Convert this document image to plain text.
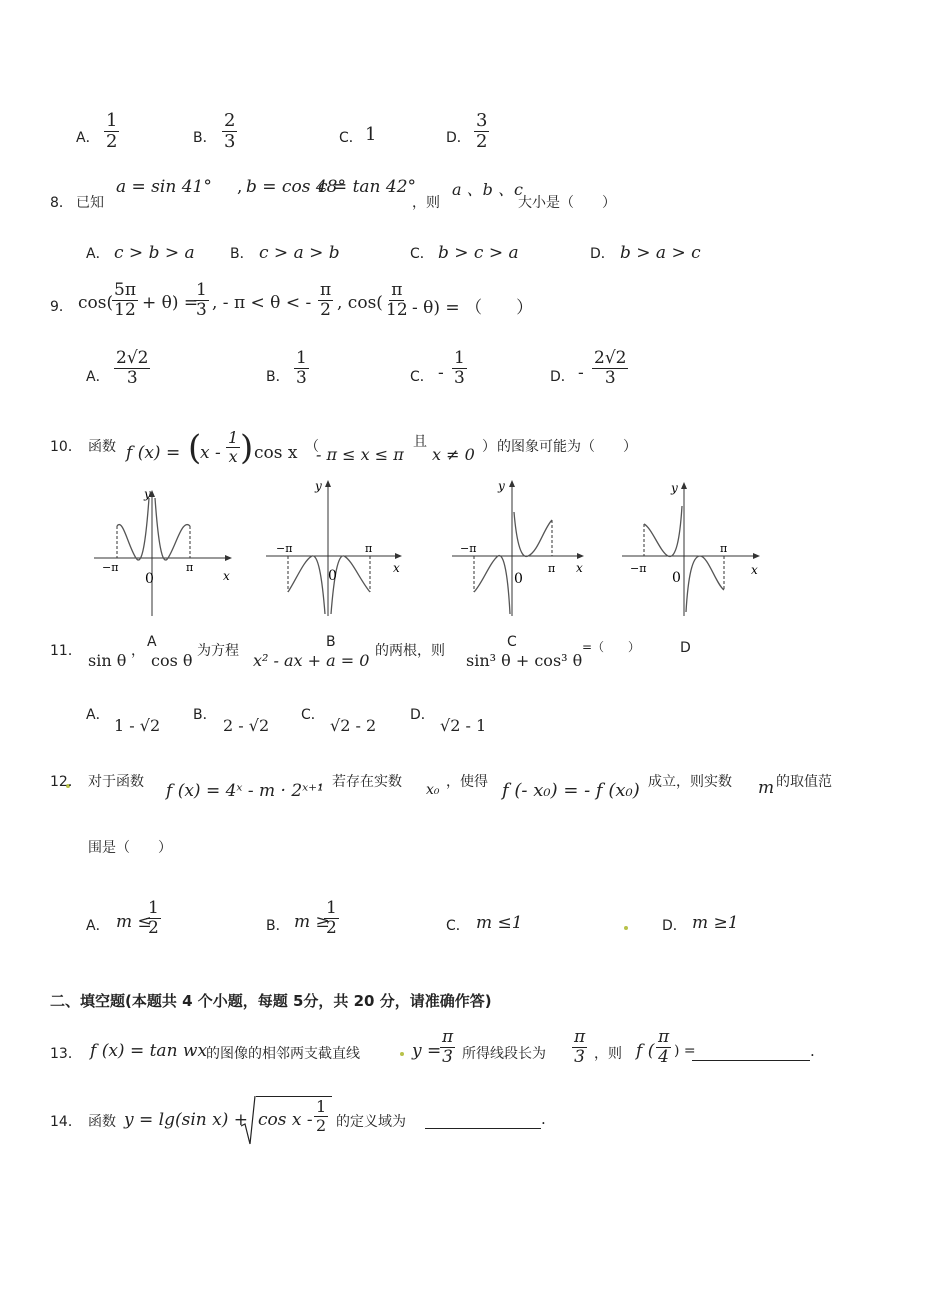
A． $\frac{1}{2}$	B． $\frac{2}{3}$	C． 1	D． $\frac{3}{2}$
8． 已知
a = sin 41° , b = cos 48°
c = tan 42°
，则
a 、b 、c
大小是（　　）
A． c > b > a	B． c > a > b	C． b > c > a	D． b > a > c
9． cos(
$\frac{5\pi}{12} + \theta$) =
$\frac{1}{3}$ , - π < θ < - $\frac{\pi}{2}$ , $\cos( \frac{\pi}{12} - \theta)$ = （　　）
A． $\frac{2√2}{3}$	B． $\frac{1}{3}$	C． - $\frac{1}{3}$	D． - $\frac{2√2}{3}$
10． 函数 f (x) = (
x - $\frac{1}{x}$ ) cos x （
- π ≤ x ≤ π
且
x ≠ 0 ） 的图象可能为（　　）
y
x
0
−π	π
y
x
0
−π	π
y
x
0
−π
π
y
x
0
−π
π
11． sin θ ，
A
cos θ 为方程 x² - ax + a = 0
B
的两根，则
C
sin³ θ + cos³ θ
=（　　）	D
A．
1 - √2
B．
2 - √2
C．
√2 - 2
D．
√2 - 1
12． 对于函数 f (x) = 4ˣ - m · 2ˣ⁺¹
，若存在实数 x₀ ，使得 f (- x₀) = - f (x₀) 成立，则实数 m 的取值范
围是（　　）
A． m ≤
$\frac{1}{2}$	B． m ≥
$\frac{1}{2}$	C． m ≤1	D． m ≥1
二、填空题(本题共 4 个小题，每题 5分，共 20 分，请准确作答)
13． f (x) = tan wx
的图像的相邻两支截直线	y =
$\frac{\pi}{3}$ 所得线段长为 $\frac{\pi}{3}$ ，则 f ( $\frac{\pi}{4}$ ) =	.
14． 函数 y = lg(sin $x) + \cos x - \frac{1}{2}$ 的定义域为	.
